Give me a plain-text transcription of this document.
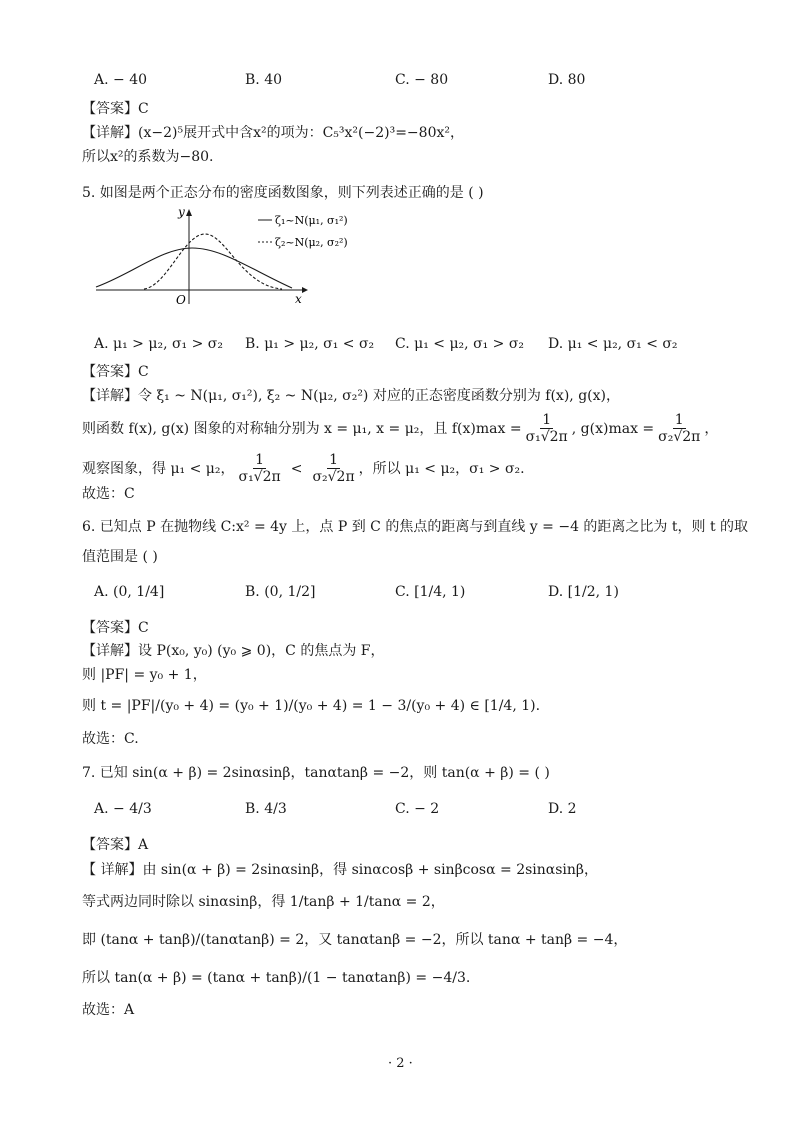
A. − 40	B. 40	C. − 80	D. 80
【答案】C
【详解】(x−2)⁵展开式中含x²的项为：C₅³x²(−2)³=−80x²，
所以x²的系数为−80.
5. 如图是两个正态分布的密度函数图象，则下列表述正确的是 ( )
y
x
O
ζ₁~N(μ₁, σ₁²)
ζ₂~N(μ₂, σ₂²)
A. μ₁ > μ₂, σ₁ > σ₂ B. μ₁ > μ₂, σ₁ < σ₂ C. μ₁ < μ₂, σ₁ > σ₂ D. μ₁ < μ₂, σ₁ < σ₂
【答案】C
【详解】令 ξ₁ ~ N(μ₁, σ₁²), ξ₂ ~ N(μ₂, σ₂²) 对应的正态密度函数分别为 f(x), g(x)，
则函数 f(x), g(x) 图象的对称轴分别为 x = μ₁, x = μ₂，且 $f(x)\max = \frac{1}{\text{σ₁√2π}}$ , $g(x)\max = \frac{1}{\text{σ₂√2π}}$ ，
观察图象，得 μ₁ < μ₂， $\frac{1}{\text{σ₁√2π}} < \frac{1}{\text{σ₂√2π}}$ ，所以 μ₁ < μ₂，σ₁ > σ₂.
故选：C
6. 已知点 P 在抛物线 C:x² = 4y 上，点 P 到 C 的焦点的距离与到直线 y = −4 的距离之比为 t，则 t 的取
值范围是 ( )
A. (0, 1/4]	B. (0, 1/2]	C. [1/4, 1)	D. [1/2, 1)
【答案】C
【详解】设 P(x₀, y₀) (y₀ ⩾ 0)，C 的焦点为 F，
则 |PF| = y₀ + 1，
则 t = |PF|/(y₀ + 4) = (y₀ + 1)/(y₀ + 4) = 1 − 3/(y₀ + 4) ∈ [1/4, 1).
故选：C.
7. 已知 sin(α + β) = 2sinαsinβ，tanαtanβ = −2，则 tan(α + β) = ( )
A. − 4/3	B. 4/3	C. − 2	D. 2
【答案】A
【 详解】由 sin(α + β) = 2sinαsinβ，得 sinαcosβ + sinβcosα = 2sinαsinβ，
等式两边同时除以 sinαsinβ，得 1/tanβ + 1/tanα = 2，
即 (tanα + tanβ)/(tanαtanβ) = 2，又 tanαtanβ = −2，所以 tanα + tanβ = −4，
所以 tan(α + β) = (tanα + tanβ)/(1 − tanαtanβ) = −4/3.
故选：A
· 2 ·
